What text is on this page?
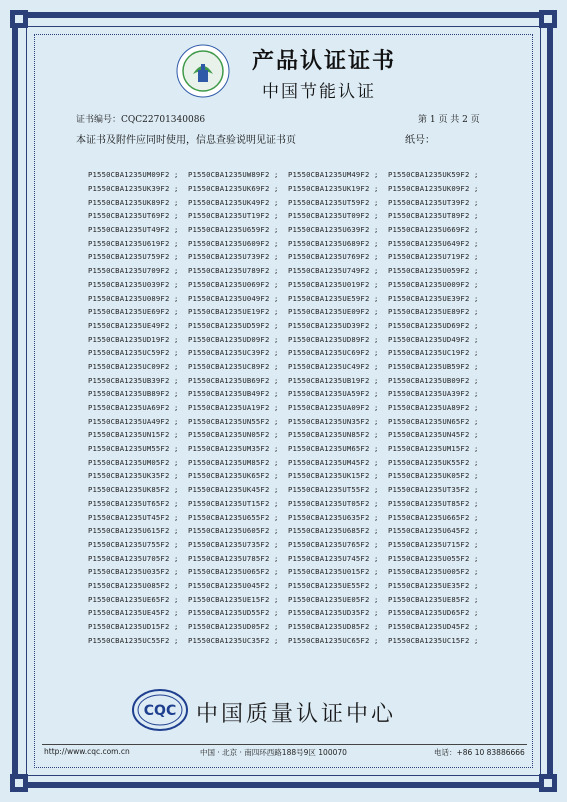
产品认证证书
中国节能认证
证书编号：CQC22701340086	第 1 页 共 2 页
本证书及附件应同时使用，信息查验说明见证书页	纸号：
P1550CBA1235UM09F2 ;	P1550CBA1235UW89F2 ;	P1550CBA1235UM49F2 ;	P1550CBA1235UK59F2 ;
P1550CBA1235UK39F2 ;	P1550CBA1235UK69F2 ;	P1550CBA1235UK19F2 ;	P1550CBA1235UK09F2 ;
P1550CBA1235UK89F2 ;	P1550CBA1235UK49F2 ;	P1550CBA1235UT59F2 ;	P1550CBA1235UT39F2 ;
P1550CBA1235UT69F2 ;	P1550CBA1235UT19F2 ;	P1550CBA1235UT09F2 ;	P1550CBA1235UT89F2 ;
P1550CBA1235UT49F2 ;	P1550CBA1235U659F2 ;	P1550CBA1235U639F2 ;	P1550CBA1235U669F2 ;
P1550CBA1235U619F2 ;	P1550CBA1235U609F2 ;	P1550CBA1235U689F2 ;	P1550CBA1235U649F2 ;
P1550CBA1235U759F2 ;	P1550CBA1235U739F2 ;	P1550CBA1235U769F2 ;	P1550CBA1235U719F2 ;
P1550CBA1235U709F2 ;	P1550CBA1235U789F2 ;	P1550CBA1235U749F2 ;	P1550CBA1235U059F2 ;
P1550CBA1235U039F2 ;	P1550CBA1235U069F2 ;	P1550CBA1235U019F2 ;	P1550CBA1235U009F2 ;
P1550CBA1235U089F2 ;	P1550CBA1235U049F2 ;	P1550CBA1235UE59F2 ;	P1550CBA1235UE39F2 ;
P1550CBA1235UE69F2 ;	P1550CBA1235UE19F2 ;	P1550CBA1235UE09F2 ;	P1550CBA1235UE89F2 ;
P1550CBA1235UE49F2 ;	P1550CBA1235UD59F2 ;	P1550CBA1235UD39F2 ;	P1550CBA1235UD69F2 ;
P1550CBA1235UD19F2 ;	P1550CBA1235UD09F2 ;	P1550CBA1235UD89F2 ;	P1550CBA1235UD49F2 ;
P1550CBA1235UC59F2 ;	P1550CBA1235UC39F2 ;	P1550CBA1235UC69F2 ;	P1550CBA1235UC19F2 ;
P1550CBA1235UC09F2 ;	P1550CBA1235UC89F2 ;	P1550CBA1235UC49F2 ;	P1550CBA1235UB59F2 ;
P1550CBA1235UB39F2 ;	P1550CBA1235UB69F2 ;	P1550CBA1235UB19F2 ;	P1550CBA1235UB09F2 ;
P1550CBA1235UB89F2 ;	P1550CBA1235UB49F2 ;	P1550CBA1235UA59F2 ;	P1550CBA1235UA39F2 ;
P1550CBA1235UA69F2 ;	P1550CBA1235UA19F2 ;	P1550CBA1235UA09F2 ;	P1550CBA1235UA89F2 ;
P1550CBA1235UA49F2 ;	P1550CBA1235UN55F2 ;	P1550CBA1235UN35F2 ;	P1550CBA1235UN65F2 ;
P1550CBA1235UN15F2 ;	P1550CBA1235UN05F2 ;	P1550CBA1235UN85F2 ;	P1550CBA1235UN45F2 ;
P1550CBA1235UM55F2 ;	P1550CBA1235UM35F2 ;	P1550CBA1235UM65F2 ;	P1550CBA1235UM15F2 ;
P1550CBA1235UM05F2 ;	P1550CBA1235UM85F2 ;	P1550CBA1235UM45F2 ;	P1550CBA1235UK55F2 ;
P1550CBA1235UK35F2 ;	P1550CBA1235UK65F2 ;	P1550CBA1235UK15F2 ;	P1550CBA1235UK05F2 ;
P1550CBA1235UK85F2 ;	P1550CBA1235UK45F2 ;	P1550CBA1235UT55F2 ;	P1550CBA1235UT35F2 ;
P1550CBA1235UT65F2 ;	P1550CBA1235UT15F2 ;	P1550CBA1235UT05F2 ;	P1550CBA1235UT85F2 ;
P1550CBA1235UT45F2 ;	P1550CBA1235U655F2 ;	P1550CBA1235U635F2 ;	P1550CBA1235U665F2 ;
P1550CBA1235U615F2 ;	P1550CBA1235U605F2 ;	P1550CBA1235U685F2 ;	P1550CBA1235U645F2 ;
P1550CBA1235U755F2 ;	P1550CBA1235U735F2 ;	P1550CBA1235U765F2 ;	P1550CBA1235U715F2 ;
P1550CBA1235U705F2 ;	P1550CBA1235U785F2 ;	P1550CBA1235U745F2 ;	P1550CBA1235U055F2 ;
P1550CBA1235U035F2 ;	P1550CBA1235U065F2 ;	P1550CBA1235U015F2 ;	P1550CBA1235U005F2 ;
P1550CBA1235U085F2 ;	P1550CBA1235U045F2 ;	P1550CBA1235UE55F2 ;	P1550CBA1235UE35F2 ;
P1550CBA1235UE65F2 ;	P1550CBA1235UE15F2 ;	P1550CBA1235UE05F2 ;	P1550CBA1235UE85F2 ;
P1550CBA1235UE45F2 ;	P1550CBA1235UD55F2 ;	P1550CBA1235UD35F2 ;	P1550CBA1235UD65F2 ;
P1550CBA1235UD15F2 ;	P1550CBA1235UD05F2 ;	P1550CBA1235UD85F2 ;	P1550CBA1235UD45F2 ;
P1550CBA1235UC55F2 ;	P1550CBA1235UC35F2 ;	P1550CBA1235UC65F2 ;	P1550CBA1235UC15F2 ;
CQC 中国质量认证中心
http://www.cqc.com.cn	中国 · 北京 · 南四环西路188号9区 100070	电话：+86 10 83886666
